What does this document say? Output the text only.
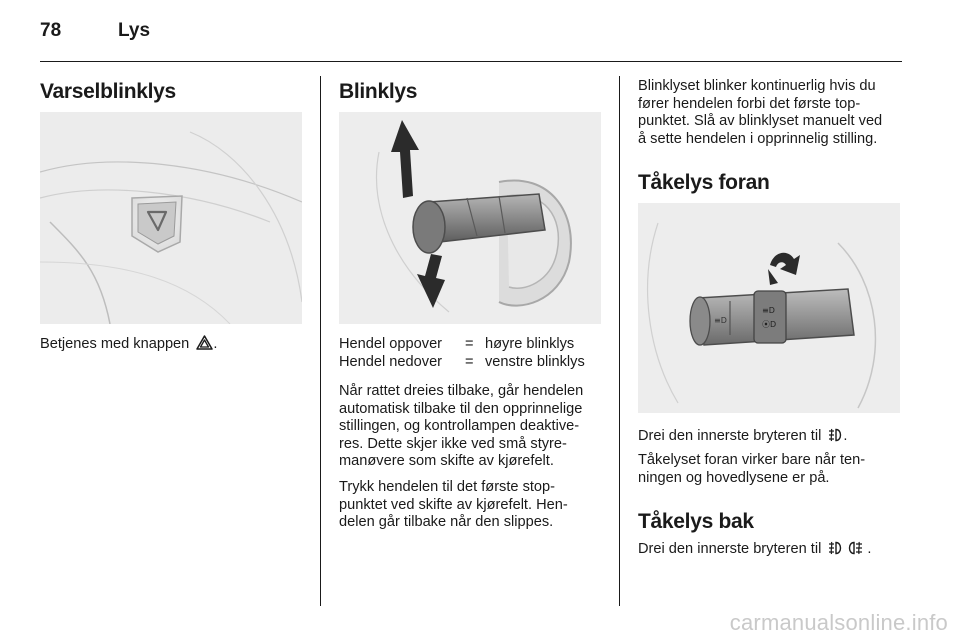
78	Lys
Varselblinklys
Betjenes med knappen .
Blinklys
Hendel oppover	= høyre blinklys
Hendel nedover	= venstre blinklys
Når rattet dreies tilbake, går hendelen
automatisk tilbake til den opprinnelige
stillingen, og kontrollampen deaktive-
res. Dette skjer ikke ved små styre-
manøvere som skifte av kjørefelt.
Trykk hendelen til det første stop-
punktet ved skifte av kjørefelt. Hen-
delen går tilbake når den slippes.
Blinklyset blinker kontinuerlig hvis du
fører hendelen forbi det første top-
punktet. Slå av blinklyset manuelt ved
å sette hendelen i opprinnelig stilling.
Tåkelys foran
≡D
⦿D
≡D
Drei den innerste bryteren til .
Tåkelyset foran virker bare når ten-
ningen og hovedlysene er på.
Tåkelys bak
Drei den innerste bryteren til	.
carmanualsonline.info
